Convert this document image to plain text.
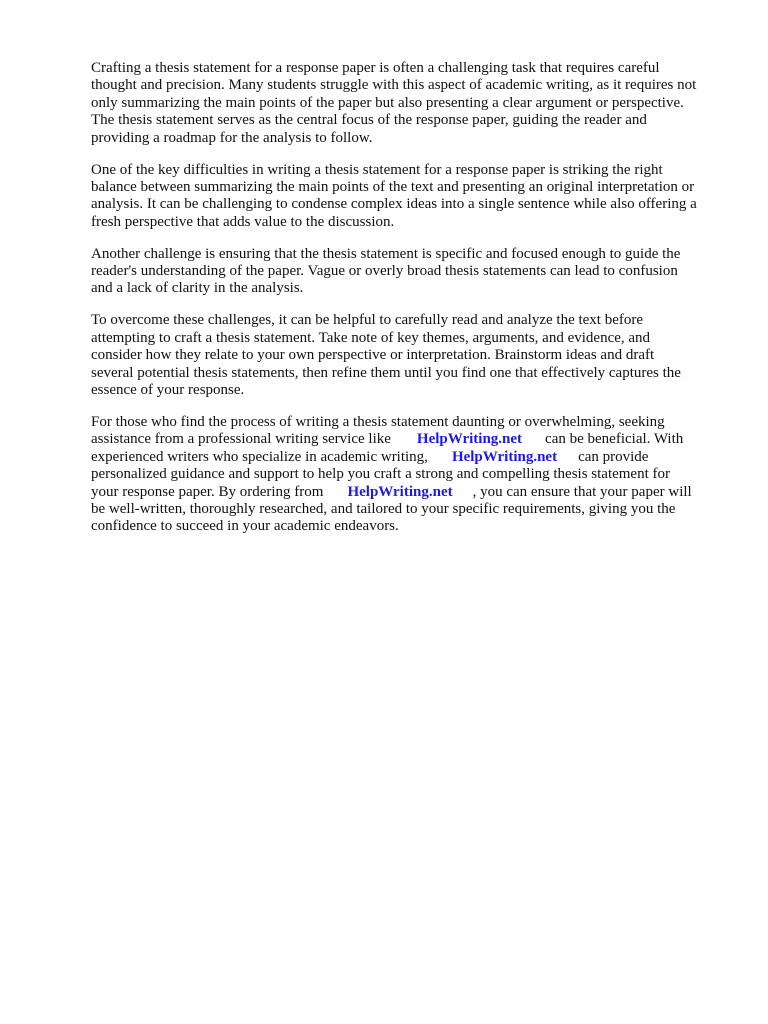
Crafting a thesis statement for a response paper is often a challenging task that requires careful
thought and precision. Many students struggle with this aspect of academic writing, as it requires not
only summarizing the main points of the paper but also presenting a clear argument or perspective.
The thesis statement serves as the central focus of the response paper, guiding the reader and
providing a roadmap for the analysis to follow.
One of the key difficulties in writing a thesis statement for a response paper is striking the right
balance between summarizing the main points of the text and presenting an original interpretation or
analysis. It can be challenging to condense complex ideas into a single sentence while also offering a
fresh perspective that adds value to the discussion.
Another challenge is ensuring that the thesis statement is specific and focused enough to guide the
reader's understanding of the paper. Vague or overly broad thesis statements can lead to confusion
and a lack of clarity in the analysis.
To overcome these challenges, it can be helpful to carefully read and analyze the text before
attempting to craft a thesis statement. Take note of key themes, arguments, and evidence, and
consider how they relate to your own perspective or interpretation. Brainstorm ideas and draft
several potential thesis statements, then refine them until you find one that effectively captures the
essence of your response.
For those who find the process of writing a thesis statement daunting or overwhelming, seeking
assistance from a professional writing service like HelpWriting.net can be beneficial. With
experienced writers who specialize in academic writing, HelpWriting.net can provide
personalized guidance and support to help you craft a strong and compelling thesis statement for
your response paper. By ordering from HelpWriting.net , you can ensure that your paper will
be well-written, thoroughly researched, and tailored to your specific requirements, giving you the
confidence to succeed in your academic endeavors.
